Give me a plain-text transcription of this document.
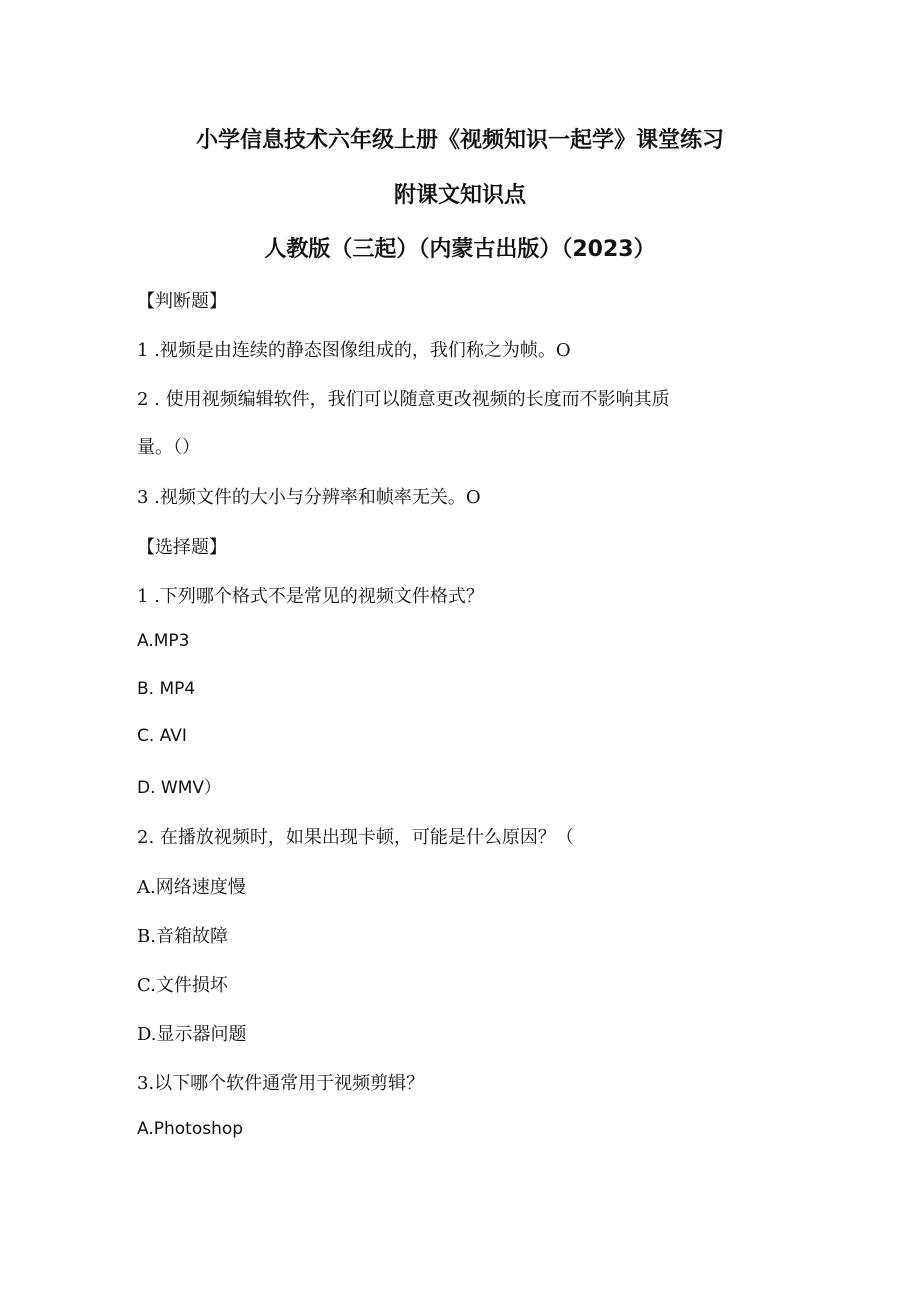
小学信息技术六年级上册《视频知识一起学》课堂练习
附课文知识点
人教版（三起）（内蒙古出版）（2023）
【判断题】
1 .视频是由连续的静态图像组成的，我们称之为帧。O
2 . 使用视频编辑软件，我们可以随意更改视频的长度而不影响其质
量。（）
3 .视频文件的大小与分辨率和帧率无关。O
【选择题】
1 .下列哪个格式不是常见的视频文件格式？
A.MP3
B. MP4
C. AVI
D. WMV）
2. 在播放视频时，如果出现卡顿，可能是什么原因？（
A.网络速度慢
B.音箱故障
C.文件损坏
D.显示器问题
3.以下哪个软件通常用于视频剪辑？
A.Photoshop
